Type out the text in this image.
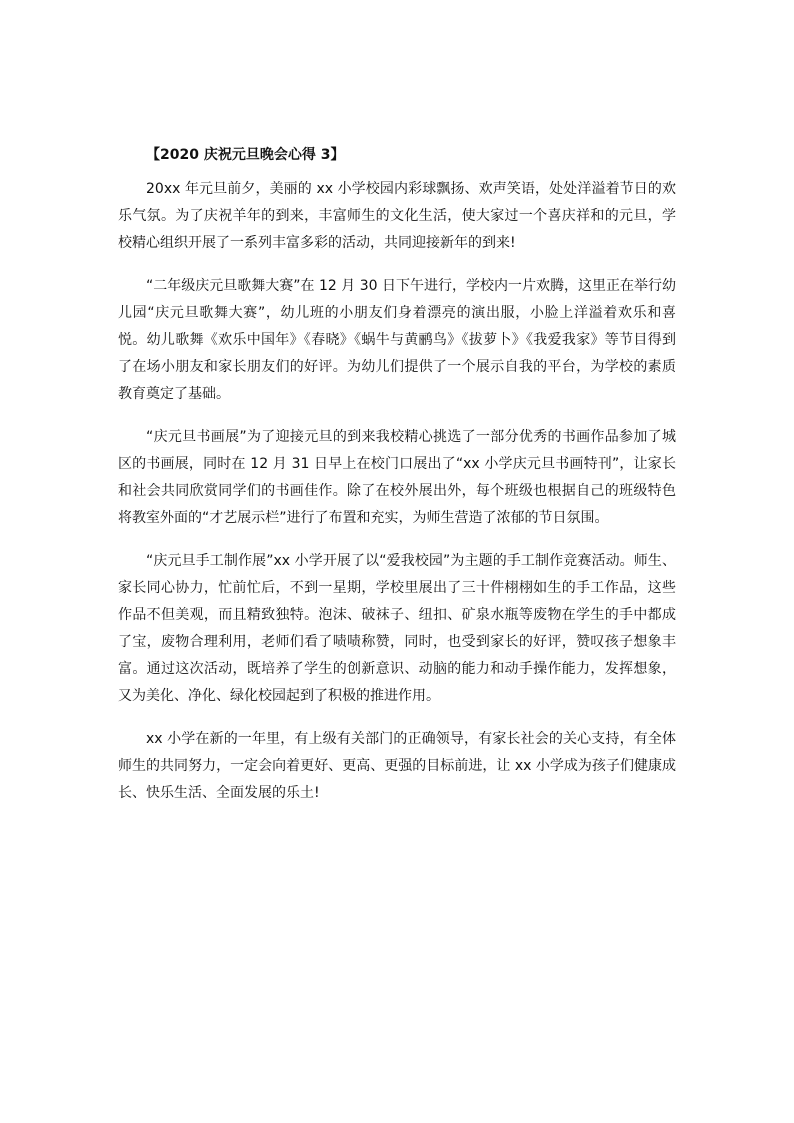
【2020 庆祝元旦晚会心得 3】

20xx 年元旦前夕，美丽的 xx 小学校园内彩球飘扬、欢声笑语，处处洋溢着节日的欢乐气氛。为了庆祝羊年的到来，丰富师生的文化生活，使大家过一个喜庆祥和的元旦，学校精心组织开展了一系列丰富多彩的活动，共同迎接新年的到来!

“二年级庆元旦歌舞大赛”在 12 月 30 日下午进行，学校内一片欢腾，这里正在举行幼儿园“庆元旦歌舞大赛”，幼儿班的小朋友们身着漂亮的演出服，小脸上洋溢着欢乐和喜悦。幼儿歌舞《欢乐中国年》《春晓》《蜗牛与黄鹂鸟》《拔萝卜》《我爱我家》等节目得到了在场小朋友和家长朋友们的好评。为幼儿们提供了一个展示自我的平台，为学校的素质教育奠定了基础。

“庆元旦书画展”为了迎接元旦的到来我校精心挑选了一部分优秀的书画作品参加了城区的书画展，同时在 12 月 31 日早上在校门口展出了“xx 小学庆元旦书画特刊”，让家长和社会共同欣赏同学们的书画佳作。除了在校外展出外，每个班级也根据自己的班级特色将教室外面的“才艺展示栏”进行了布置和充实，为师生营造了浓郁的节日氛围。

“庆元旦手工制作展”xx 小学开展了以“爱我校园”为主题的手工制作竞赛活动。师生、家长同心协力，忙前忙后，不到一星期，学校里展出了三十件栩栩如生的手工作品，这些作品不但美观，而且精致独特。泡沫、破袜子、纽扣、矿泉水瓶等废物在学生的手中都成了宝，废物合理利用，老师们看了啧啧称赞，同时，也受到家长的好评，赞叹孩子想象丰富。通过这次活动，既培养了学生的创新意识、动脑的能力和动手操作能力，发挥想象，又为美化、净化、绿化校园起到了积极的推进作用。

xx 小学在新的一年里，有上级有关部门的正确领导，有家长社会的关心支持，有全体师生的共同努力，一定会向着更好、更高、更强的目标前进，让 xx 小学成为孩子们健康成长、快乐生活、全面发展的乐土!
